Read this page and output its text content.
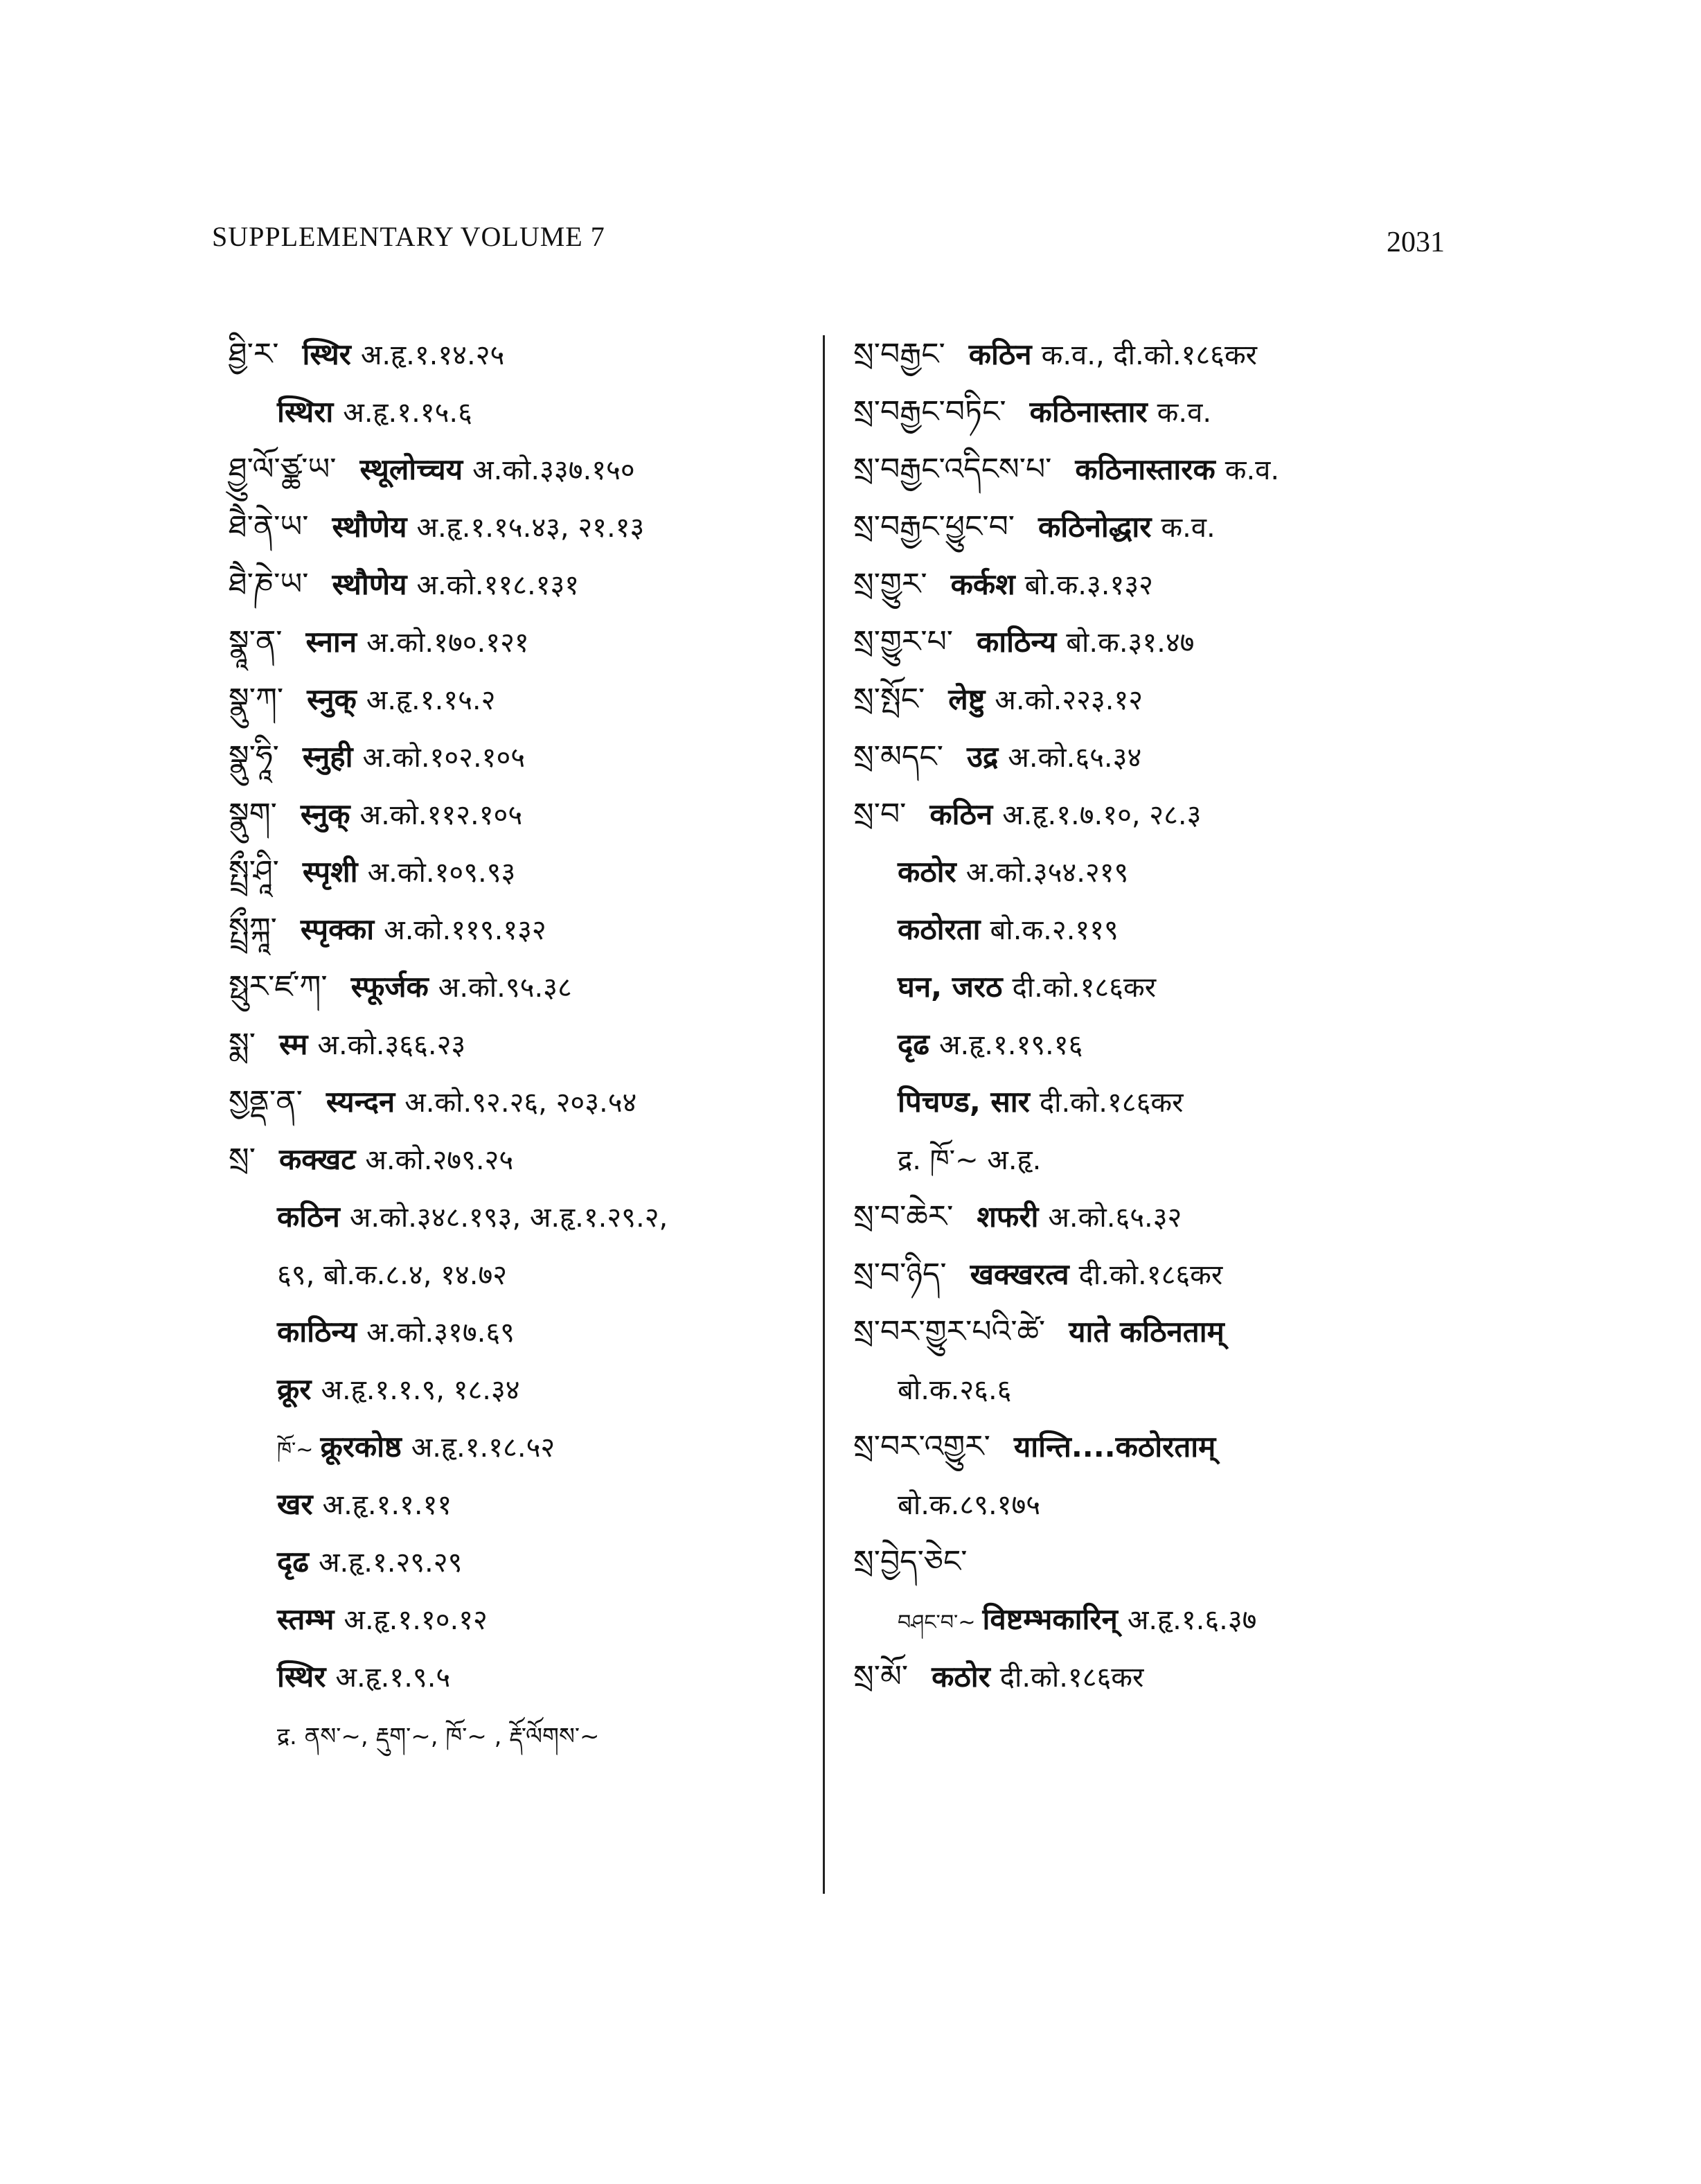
SUPPLEMENTARY VOLUME 7	2031
ཐྱི་ར་ स्थिर अ.हृ.१.१४.२५
स्थिरा अ.हृ.१.१५.६
ཐྱུ་ལོ་ཙྪ་ཡ་ स्थूलोच्चय अ.को.३३७.१५०
ཐཻ་ནེ་ཡ་ स्थौणेय अ.हृ.१.१५.४३, २१.१३
ཐཻ་ཎེ་ཡ་ स्थौणेय अ.को.११८.१३१
སྣཱ་ན་ स्नान अ.को.१७०.१२१
སྣུ་ཀ་ स्नुक् अ.हृ.१.१५.२
སྣུ་ཧཱི་ स्नुही अ.को.१०२.१०५
སྣུག་ स्नुक् अ.को.११२.१०५
སྤྲྀ་ཤཱི་ स्पृशी अ.को.१०९.९३
སྤྲྀཀྐཱ་ स्पृक्का अ.को.११९.१३२
སྥུར་ཛ་ཀ་ स्फूर्जक अ.को.९५.३८
སྨ་ स्म अ.को.३६६.२३
སྱནྡ་ན་ स्यन्दन अ.को.९२.२६, २०३.५४
སྲ་ कक्खट अ.को.२७९.२५
कठिन अ.को.३४८.१९३, अ.हृ.१.२९.२,
६९, बो.क.८.४, १४.७२
काठिन्य अ.को.३१७.६९
क्रूर अ.हृ.१.१.९, १८.३४
ཁོ་~ क्रूरकोष्ठ अ.हृ.१.१८.५२
खर अ.हृ.१.१.११
दृढ अ.हृ.१.२९.२९
स्तम्भ अ.हृ.१.१०.१२
स्थिर अ.हृ.१.९.५
द्र. ནས་~, རྡུག་~, ཁོ་~ , རྡོ་ལོགས་~
སྲ་བརྒྱང་ कठिन क.व., दी.को.१८६कर
སྲ་བརྒྱང་བཏིང་ कठिनास्तार क.व.
སྲ་བརྒྱང་འདིངས་པ་ कठिनास्तारक क.व.
སྲ་བརྒྱང་ཕྱུང་བ་ कठिनोद्धार क.व.
སྲ་གྱུར་ कर्कश बो.क.३.१३२
སྲ་གྱུར་པ་ काठिन्य बो.क.३१.४७
སྲ་སྤོང་ लेष्टु अ.को.२२३.१२
སྲ་མདང་ उद्र अ.को.६५.३४
སྲ་བ་ कठिन अ.हृ.१.७.१०, २८.३
कठोर अ.को.३५४.२१९
कठोरता बो.क.२.११९
घन, जरठ दी.को.१८६कर
दृढ अ.हृ.१.१९.१६
पिचण्ड, सार दी.को.१८६कर
द्र. ཁོ་~ अ.हृ.
སྲ་བ་ཆེར་ शफरी अ.को.६५.३२
སྲ་བ་ཉིད་ खक्खरत्व दी.को.१८६कर
སྲ་བར་གྱུར་པའི་ཚེ་ याते कठिनताम्
बो.क.२६.६
སྲ་བར་འགྱུར་ यान्ति....कठोरताम्
बो.क.८९.१७५
སྲ་བྱེད་ཅེང་
བཤང་བ་~ विष्टम्भकारिन् अ.हृ.१.६.३७
སྲ་མོ་ कठोर दी.को.१८६कर
